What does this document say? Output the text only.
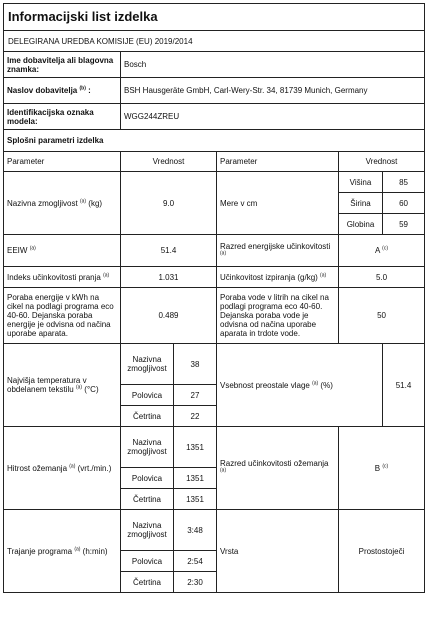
Informacijski list izdelka					
DELEGIRANA UREDBA KOMISIJE (EU) 2019/2014					
Ime dobavitelja ali blagovna znamka:	Bosch				
Naslov dobavitelja $^{(b)}$ :	BSH Hausgeräte GmbH, Carl-Wery-Str. 34, 81739 Munich, Germany				
Identifikacijska oznaka modela:	WGG244ZREU				
Splošni parametri izdelka					
Parameter	Vrednost		Parameter	Vrednost	
Nazivna zmogljivost $^{(a)}$ (kg)	9.0		Mere v cm	Višina	85
				Širina	60
				Globina	59
EEIW $^{(a)}$	51.4		Razred energijske učinkovitosti $^{(a)}$	A $^{(c)}$
Indeks učinkovitosti pranja $^{(a)}$	1.031		Učinkovitost izpiranja (g/kg) $^{(a)}$	5.0	
Poraba energije v kWh na cikel na podlagi programa eco 40-60. Dejanska poraba energije je odvisna od načina uporabe aparata.	0.489		Poraba vode v litrih na cikel na podlagi programa eco 40-60. Dejanska poraba vode je odvisna od načina uporabe aparata in trdote vode.	50	
Najvišja temperatura v obdelanem tekstilu $^{(a)}$ (°C)	Nazivna zmogljivost	38	Vsebnost preostale vlage $^{(a)}$ (%)		51.4
	Polovica	27			
	Četrtina	22			
Hitrost ožemanja $^{(a)}$ (vrt./min.)	Nazivna zmogljivost	1351	Razred učinkovitosti ožemanja $^{(a)}$	B $^{(c)}$
	Polovica	1351			
	Četrtina	1351			
Trajanje programa $^{(a)}$ (h:min)	Nazivna zmogljivost	3:48	Vrsta	Prostostoječi	
	Polovica	2:54			
	Četrtina	2:30			
